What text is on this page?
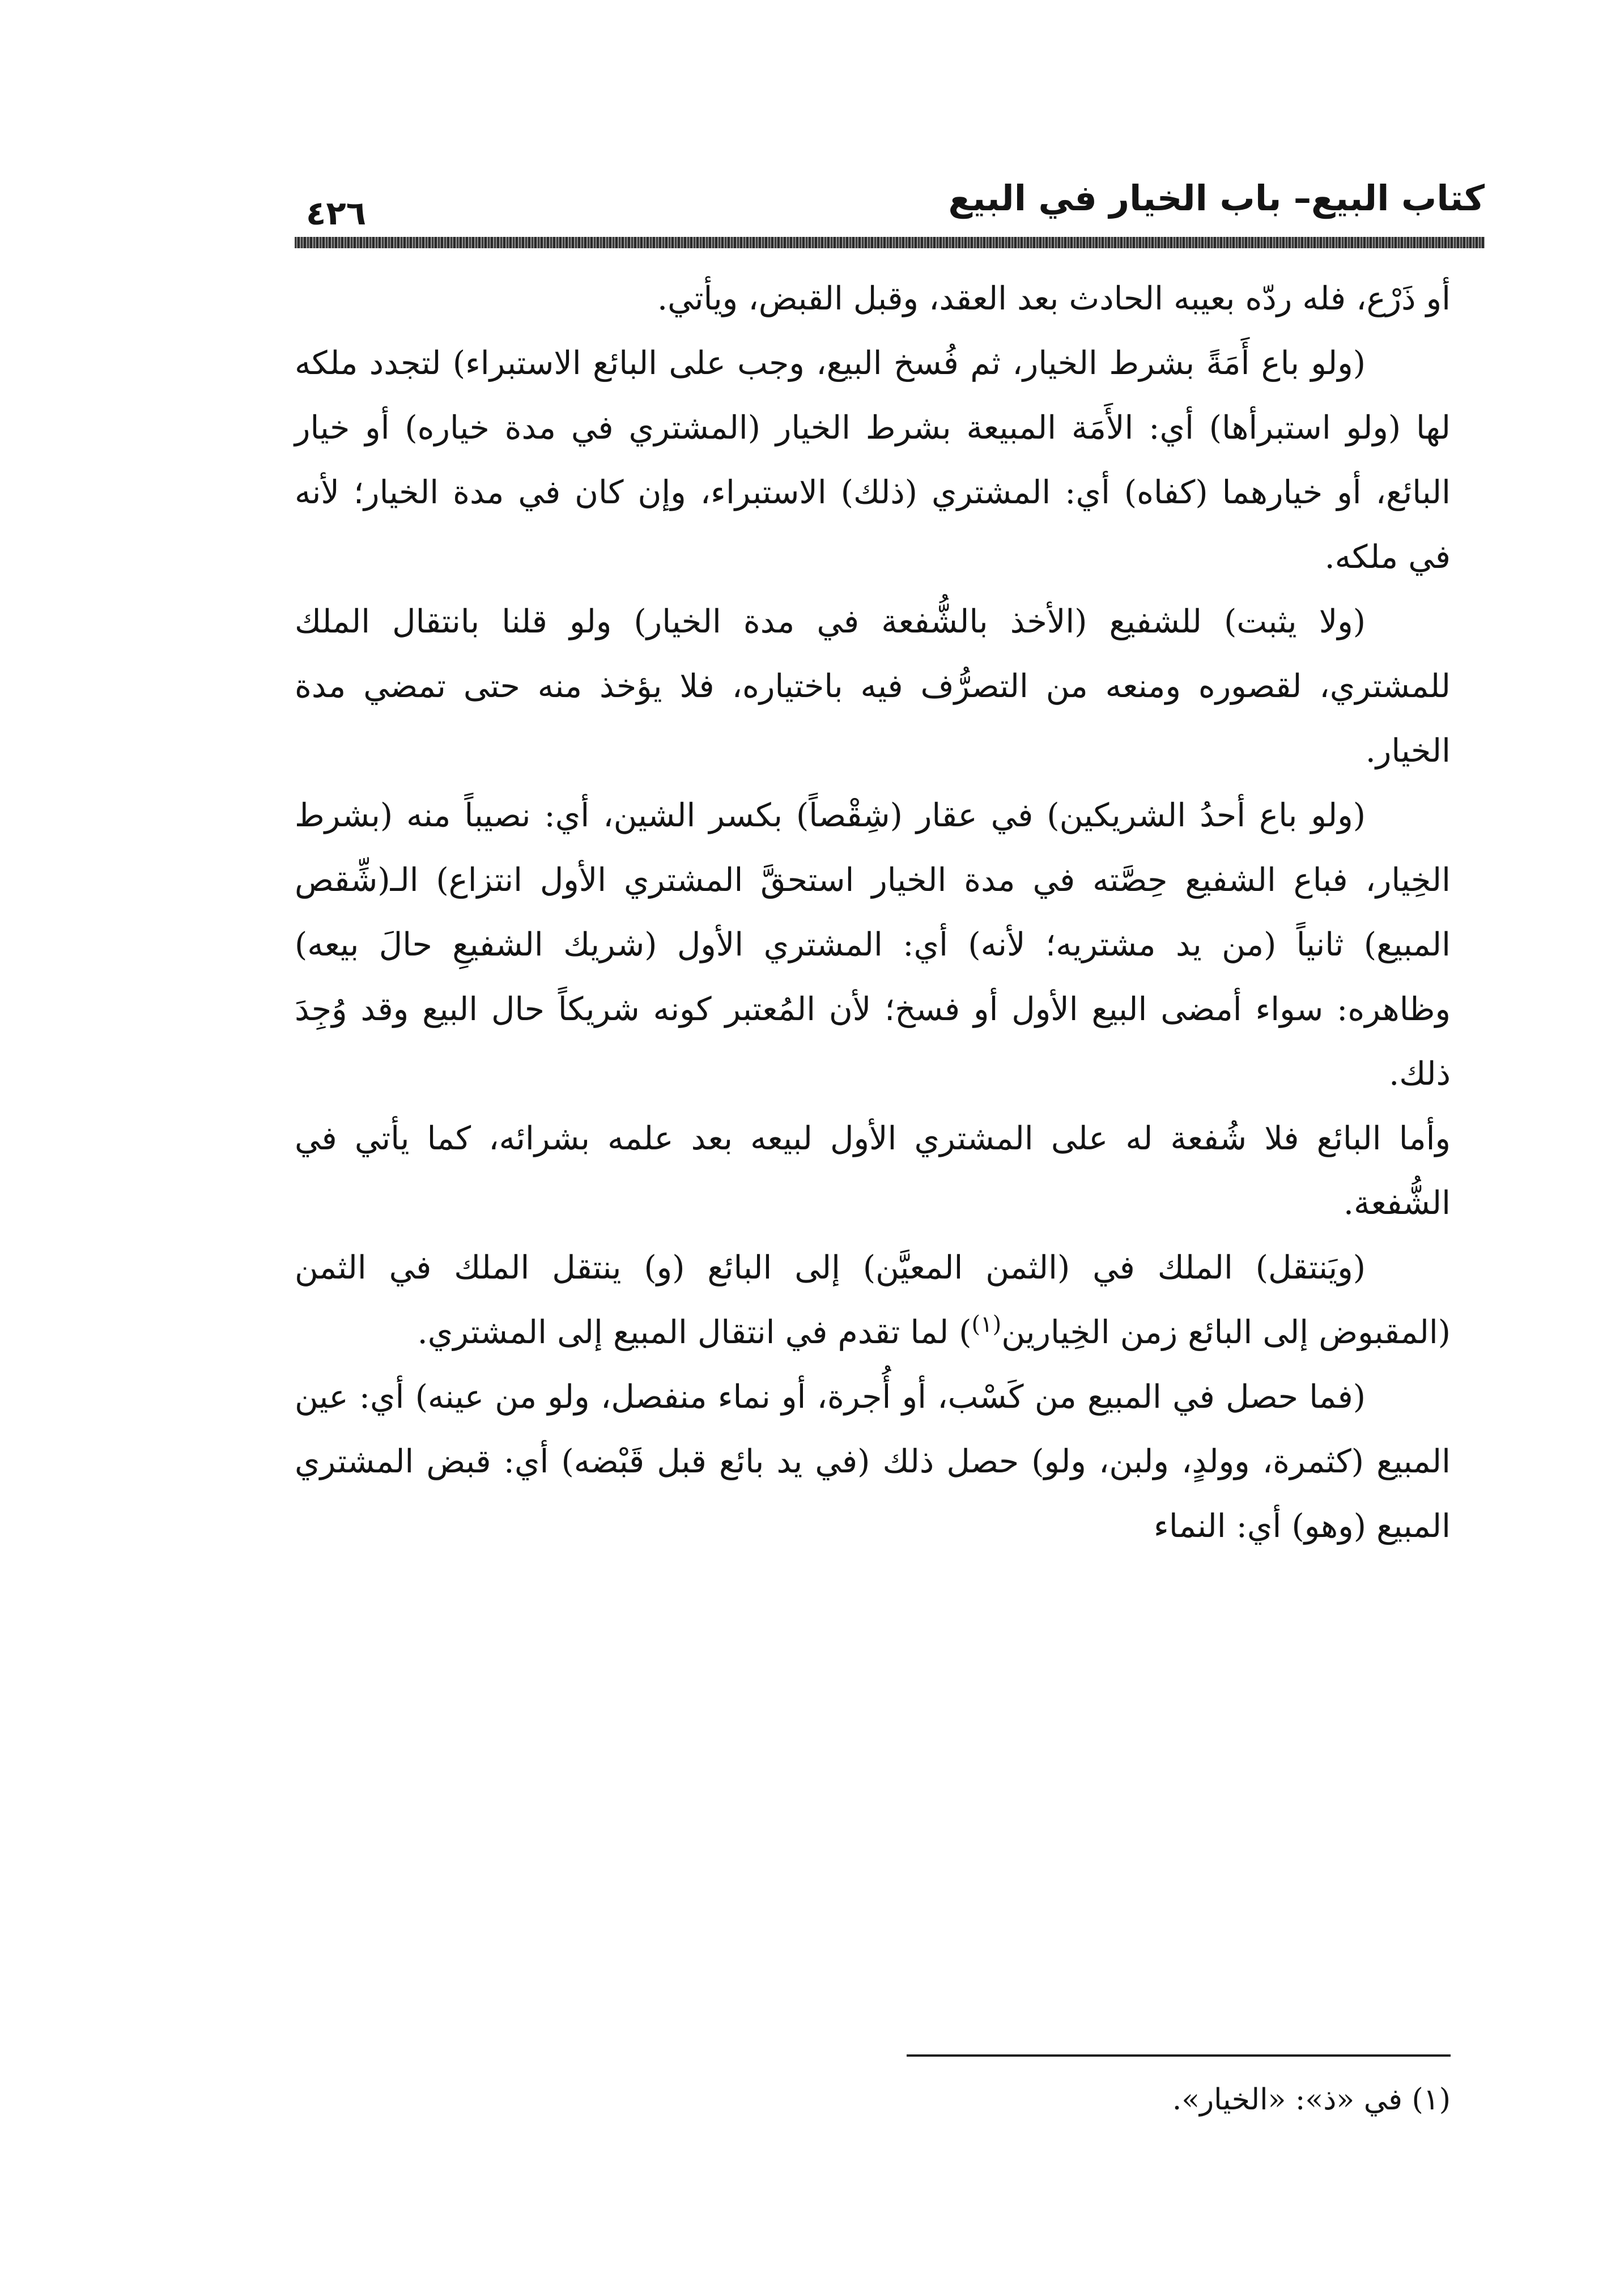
كتاب البيع– باب الخيار في البيع
٤٢٦

أو ذَرْع، فله ردّه بعيبه الحادث بعد العقد، وقبل القبض، ويأتي.

(ولو باع أَمَةً بشرط الخيار، ثم فُسخ البيع، وجب على البائع الاستبراء) لتجدد ملكه لها (ولو استبرأها) أي: الأَمَة المبيعة بشرط الخيار (المشتري في مدة خياره) أو خيار البائع، أو خيارهما (كفاه) أي: المشتري (ذلك) الاستبراء، وإن كان في مدة الخيار؛ لأنه في ملكه.

(ولا يثبت) للشفيع (الأخذ بالشُّفعة في مدة الخيار) ولو قلنا بانتقال الملك للمشتري، لقصوره ومنعه من التصرُّف فيه باختياره، فلا يؤخذ منه حتى تمضي مدة الخيار.

(ولو باع أحدُ الشريكين) في عقار (شِقْصاً) بكسر الشين، أي: نصيباً منه (بشرط الخِيار، فباع الشفيع حِصَّته في مدة الخيار استحقَّ المشتري الأول انتزاع) الـ(شِّقص المبيع) ثانياً (من يد مشتريه؛ لأنه) أي: المشتري الأول (شريك الشفيعِ حالَ بيعه) وظاهره: سواء أمضى البيع الأول أو فسخ؛ لأن المُعتبر كونه شريكاً حال البيع وقد وُجِدَ ذلك.

وأما البائع فلا شُفعة له على المشتري الأول لبيعه بعد علمه بشرائه، كما يأتي في الشُّفعة.

(ويَنتقل) الملك في (الثمن المعيَّن) إلى البائع (و) ينتقل الملك في الثمن (المقبوض إلى البائع زمن الخِيارين$^{(١)}$) لما تقدم في انتقال المبيع إلى المشتري.

(فما حصل في المبيع من كَسْب، أو أُجرة، أو نماء منفصل، ولو من عينه) أي: عين المبيع (كثمرة، وولدٍ، ولبن، ولو) حصل ذلك (في يد بائع قبل قَبْضه) أي: قبض المشتري المبيع (وهو) أي: النماء

(١) في «ذ»: «الخيار».
